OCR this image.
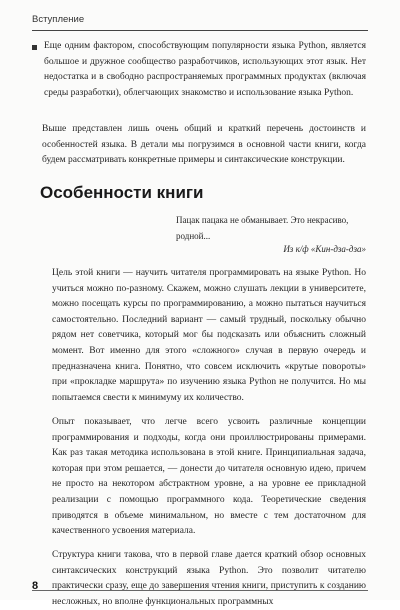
Вступление

Еще одним фактором, способствующим популярности языка Python, является большое и дружное сообщество разработчиков, использующих этот язык. Нет недостатка и в свободно распространяемых программных продуктах (включая среды разработки), облегчающих знакомство и использование языка Python.

Выше представлен лишь очень общий и краткий перечень достоинств и особенностей языка. В детали мы погрузимся в основной части книги, когда будем рассматривать конкретные примеры и синтаксические конструкции.

Особенности книги

Пацак пацака не обманывает. Это некрасиво, родной...

Из к/ф «Кин-дза-дза»

Цель этой книги — научить читателя программировать на языке Python. Но учиться можно по-разному. Скажем, можно слушать лекции в университете, можно посещать курсы по программированию, а можно пытаться научиться самостоятельно. Последний вариант — самый трудный, поскольку обычно рядом нет советчика, который мог бы подсказать или объяснить сложный момент. Вот именно для этого «сложного» случая в первую очередь и предназначена книга. Понятно, что совсем исключить «крутые повороты» при «прокладке маршрута» по изучению языка Python не получится. Но мы попытаемся свести к минимуму их количество.

Опыт показывает, что легче всего усвоить различные концепции программирования и подходы, когда они проиллюстрированы примерами. Как раз такая методика использована в этой книге. Принципиальная задача, которая при этом решается, — донести до читателя основную идею, причем не просто на некотором абстрактном уровне, а на уровне ее прикладной реализации с помощью программного кода. Теоретические сведения приводятся в объеме минимальном, но вместе с тем достаточном для качественного усвоения материала.

Структура книги такова, что в первой главе дается краткий обзор основных синтаксических конструкций языка Python. Это позволит читателю практически сразу, еще до завершения чтения книги, приступить к созданию несложных, но вполне функциональных программных

8
